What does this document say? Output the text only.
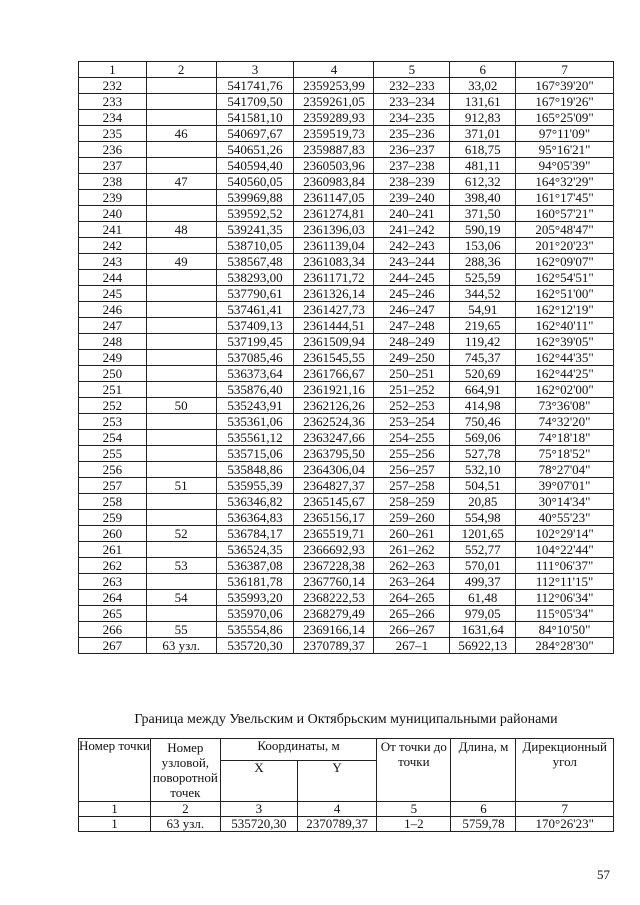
1	2	3	4	5	6	7
232		541741,76	2359253,99	232–233	33,02	167°39'20"
233		541709,50	2359261,05	233–234	131,61	167°19'26"
234		541581,10	2359289,93	234–235	912,83	165°25'09"
235	46	540697,67	2359519,73	235–236	371,01	97°11'09"
236		540651,26	2359887,83	236–237	618,75	95°16'21"
237		540594,40	2360503,96	237–238	481,11	94°05'39"
238	47	540560,05	2360983,84	238–239	612,32	164°32'29"
239		539969,88	2361147,05	239–240	398,40	161°17'45"
240		539592,52	2361274,81	240–241	371,50	160°57'21"
241	48	539241,35	2361396,03	241–242	590,19	205°48'47"
242		538710,05	2361139,04	242–243	153,06	201°20'23"
243	49	538567,48	2361083,34	243–244	288,36	162°09'07"
244		538293,00	2361171,72	244–245	525,59	162°54'51"
245		537790,61	2361326,14	245–246	344,52	162°51'00"
246		537461,41	2361427,73	246–247	54,91	162°12'19"
247		537409,13	2361444,51	247–248	219,65	162°40'11"
248		537199,45	2361509,94	248–249	119,42	162°39'05"
249		537085,46	2361545,55	249–250	745,37	162°44'35"
250		536373,64	2361766,67	250–251	520,69	162°44'25"
251		535876,40	2361921,16	251–252	664,91	162°02'00"
252	50	535243,91	2362126,26	252–253	414,98	73°36'08"
253		535361,06	2362524,36	253–254	750,46	74°32'20"
254		535561,12	2363247,66	254–255	569,06	74°18'18"
255		535715,06	2363795,50	255–256	527,78	75°18'52"
256		535848,86	2364306,04	256–257	532,10	78°27'04"
257	51	535955,39	2364827,37	257–258	504,51	39°07'01"
258		536346,82	2365145,67	258–259	20,85	30°14'34"
259		536364,83	2365156,17	259–260	554,98	40°55'23"
260	52	536784,17	2365519,71	260–261	1201,65	102°29'14"
261		536524,35	2366692,93	261–262	552,77	104°22'44"
262	53	536387,08	2367228,38	262–263	570,01	111°06'37"
263		536181,78	2367760,14	263–264	499,37	112°11'15"
264	54	535993,20	2368222,53	264–265	61,48	112°06'34"
265		535970,06	2368279,49	265–266	979,05	115°05'34"
266	55	535554,86	2369166,14	266–267	1631,64	84°10'50"
267	63 узл.	535720,30	2370789,37	267–1	56922,13	284°28'30"
Граница между Увельским и Октябрьским муниципальными районами
Номер точки	Номер узловой, поворотной точек	Координаты, м		От точки до точки	Длина, м	Дирекционный угол
		X	Y			
1	2	3	4	5	6	7
1	63 узл.	535720,30	2370789,37	1–2	5759,78	170°26'23"
57
